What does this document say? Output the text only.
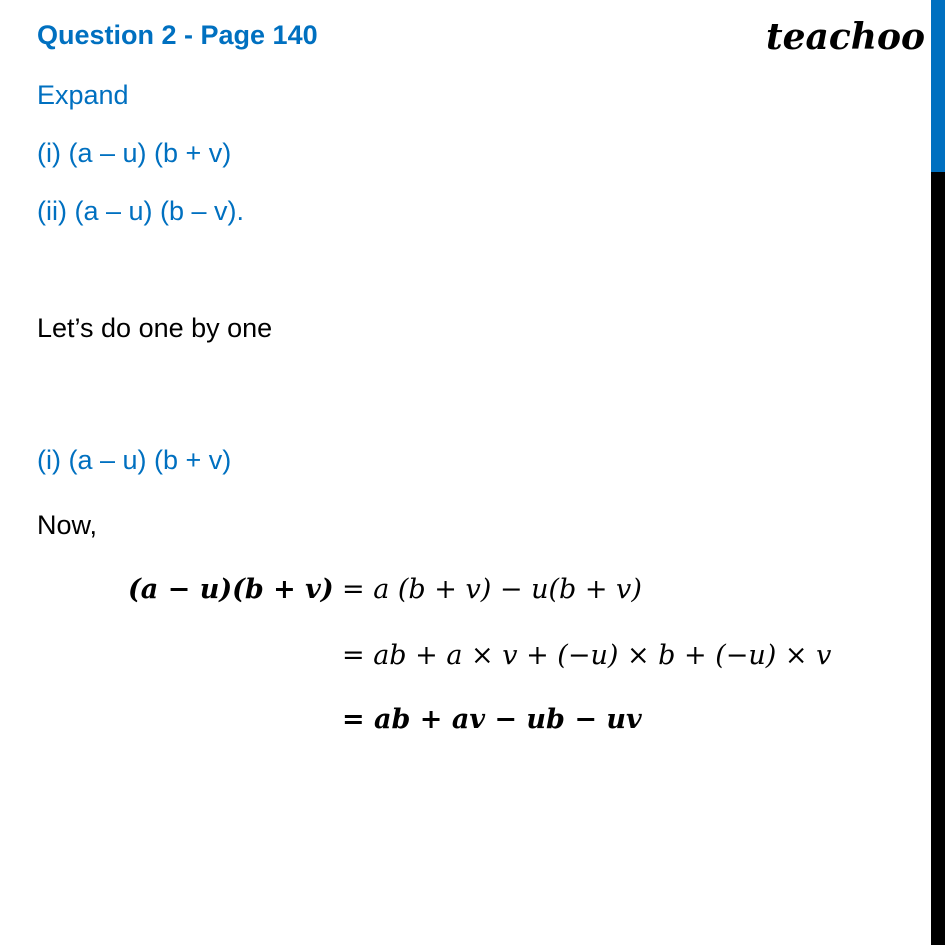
teachoo
Question 2 - Page 140
Expand
(i) (a – u) (b + v)
(ii) (a – u) (b – v).
Let’s do one by one
(i) (a – u) (b + v)
Now,
(a − u)(b + v) = a (b + v) − u(b + v)
= ab + a × v + (−u) × b + (−u) × v
= ab + av − ub − uv
